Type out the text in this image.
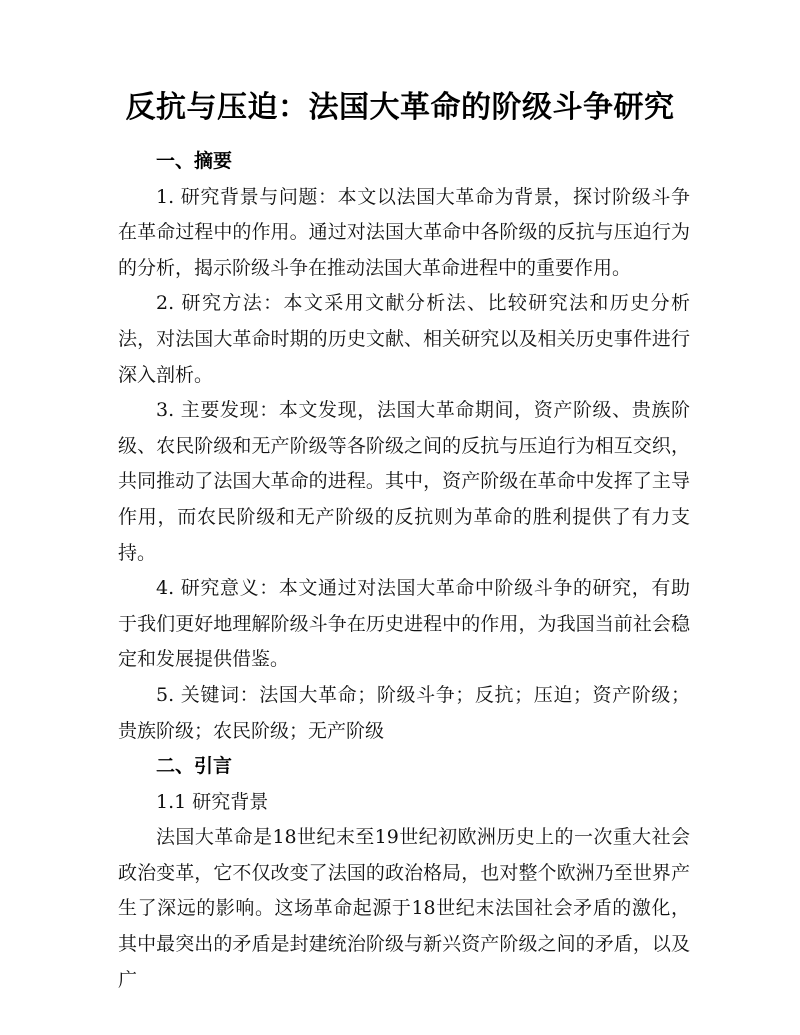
反抗与压迫：法国大革命的阶级斗争研究

一、摘要

1. 研究背景与问题：本文以法国大革命为背景，探讨阶级斗争在革命过程中的作用。通过对法国大革命中各阶级的反抗与压迫行为的分析，揭示阶级斗争在推动法国大革命进程中的重要作用。

2. 研究方法：本文采用文献分析法、比较研究法和历史分析法，对法国大革命时期的历史文献、相关研究以及相关历史事件进行深入剖析。

3. 主要发现：本文发现，法国大革命期间，资产阶级、贵族阶级、农民阶级和无产阶级等各阶级之间的反抗与压迫行为相互交织，共同推动了法国大革命的进程。其中，资产阶级在革命中发挥了主导作用，而农民阶级和无产阶级的反抗则为革命的胜利提供了有力支持。

4. 研究意义：本文通过对法国大革命中阶级斗争的研究，有助于我们更好地理解阶级斗争在历史进程中的作用，为我国当前社会稳定和发展提供借鉴。

5. 关键词：法国大革命；阶级斗争；反抗；压迫；资产阶级；贵族阶级；农民阶级；无产阶级

二、引言

1.1 研究背景

法国大革命是18世纪末至19世纪初欧洲历史上的一次重大社会政治变革，它不仅改变了法国的政治格局，也对整个欧洲乃至世界产生了深远的影响。这场革命起源于18世纪末法国社会矛盾的激化，其中最突出的矛盾是封建统治阶级与新兴资产阶级之间的矛盾，以及广
